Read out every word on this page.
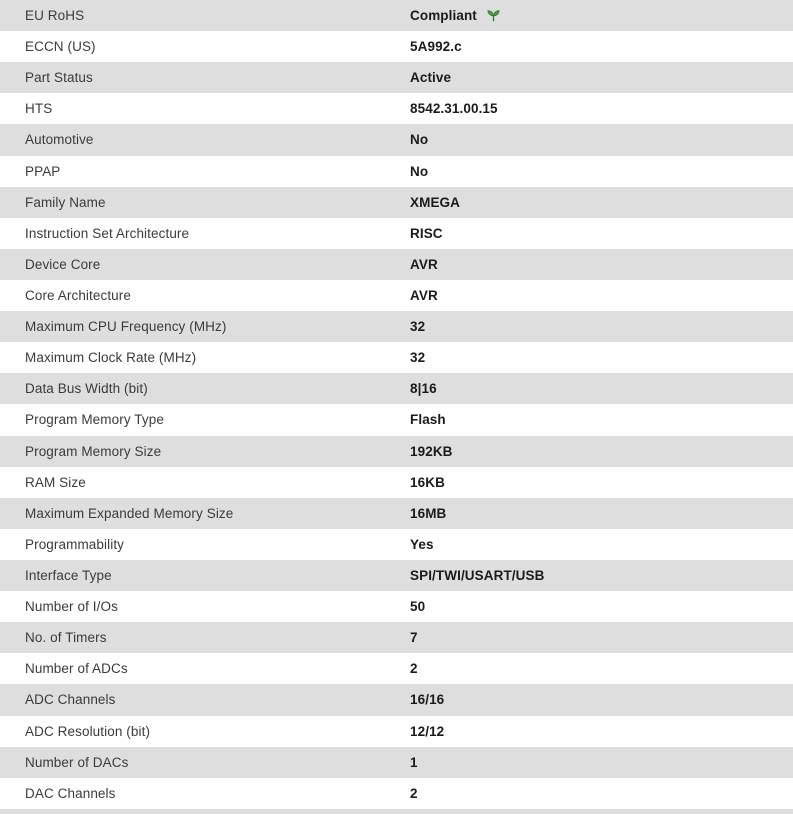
EU RoHS	Compliant
ECCN (US)	5A992.c
Part Status	Active
HTS	8542.31.00.15
Automotive	No
PPAP	No
Family Name	XMEGA
Instruction Set Architecture	RISC
Device Core	AVR
Core Architecture	AVR
Maximum CPU Frequency (MHz)	32
Maximum Clock Rate (MHz)	32
Data Bus Width (bit)	8|16
Program Memory Type	Flash
Program Memory Size	192KB
RAM Size	16KB
Maximum Expanded Memory Size	16MB
Programmability	Yes
Interface Type	SPI/TWI/USART/USB
Number of I/Os	50
No. of Timers	7
Number of ADCs	2
ADC Channels	16/16
ADC Resolution (bit)	12/12
Number of DACs	1
DAC Channels	2
